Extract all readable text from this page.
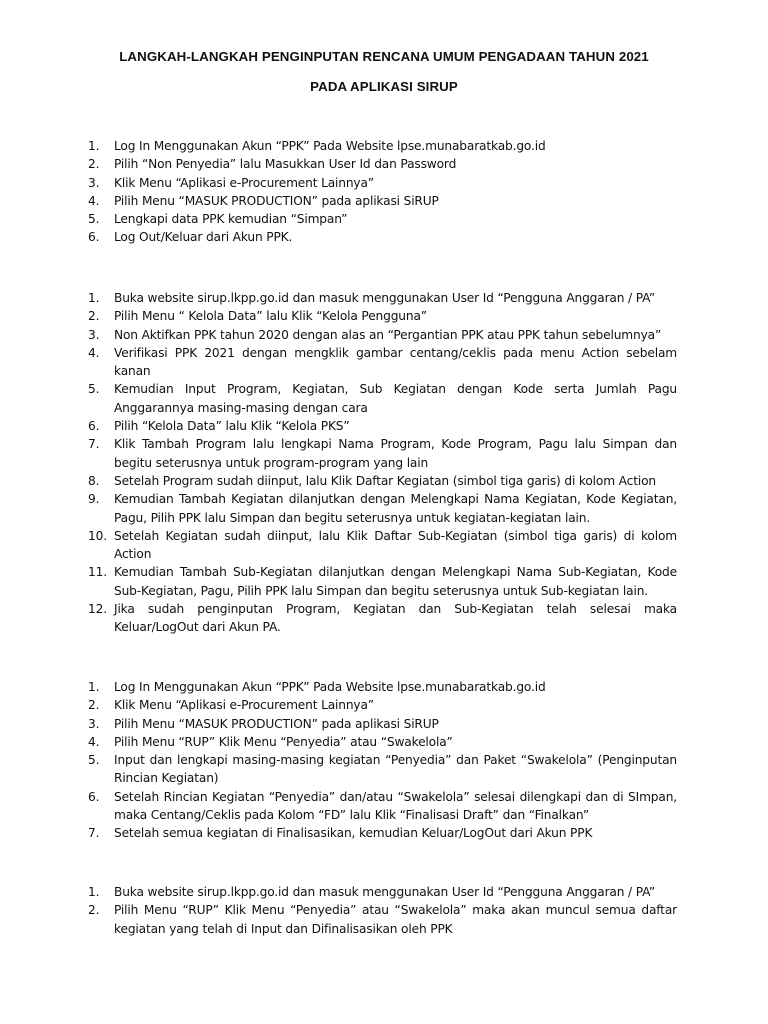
LANGKAH-LANGKAH PENGINPUTAN RENCANA UMUM PENGADAAN TAHUN 2021
PADA APLIKASI SIRUP
1.	Log In Menggunakan Akun “PPK” Pada Website lpse.munabaratkab.go.id
2.	Pilih “Non Penyedia” lalu Masukkan User Id dan Password
3.	Klik Menu “Aplikasi e-Procurement Lainnya”
4.	Pilih Menu “MASUK PRODUCTION” pada aplikasi SiRUP
5.	Lengkapi data PPK kemudian “Simpan”
6.	Log Out/Keluar dari Akun PPK.
1.	Buka website sirup.lkpp.go.id dan masuk menggunakan User Id “Pengguna Anggaran / PA”
2.	Pilih Menu “ Kelola Data” lalu Klik “Kelola Pengguna”
3.	Non Aktifkan PPK tahun 2020 dengan alas an “Pergantian PPK atau PPK tahun sebelumnya”
4.	Verifikasi PPK 2021 dengan mengklik gambar centang/ceklis pada menu Action sebelam kanan
5.	Kemudian Input Program, Kegiatan, Sub Kegiatan dengan Kode serta Jumlah Pagu Anggarannya masing-masing dengan cara
6.	Pilih “Kelola Data” lalu Klik “Kelola PKS”
7.	Klik Tambah Program lalu lengkapi Nama Program, Kode Program, Pagu lalu Simpan dan begitu seterusnya untuk program-program yang lain
8.	Setelah Program sudah diinput, lalu Klik Daftar Kegiatan (simbol tiga garis) di kolom Action
9.	Kemudian Tambah Kegiatan dilanjutkan dengan Melengkapi Nama Kegiatan, Kode Kegiatan, Pagu, Pilih PPK lalu Simpan dan begitu seterusnya untuk kegiatan-kegiatan lain.
10. Setelah Kegiatan sudah diinput, lalu Klik Daftar Sub-Kegiatan (simbol tiga garis) di kolom Action
11. Kemudian Tambah Sub-Kegiatan dilanjutkan dengan Melengkapi Nama Sub-Kegiatan, Kode Sub-Kegiatan, Pagu, Pilih PPK lalu Simpan dan begitu seterusnya untuk Sub-kegiatan lain.
12. Jika sudah penginputan Program, Kegiatan dan Sub-Kegiatan telah selesai maka Keluar/LogOut dari Akun PA.
1.	Log In Menggunakan Akun “PPK” Pada Website lpse.munabaratkab.go.id
2.	Klik Menu “Aplikasi e-Procurement Lainnya”
3.	Pilih Menu “MASUK PRODUCTION” pada aplikasi SiRUP
4.	Pilih Menu “RUP” Klik Menu “Penyedia” atau “Swakelola”
5.	Input dan lengkapi masing-masing kegiatan “Penyedia” dan Paket “Swakelola” (Penginputan Rincian Kegiatan)
6.	Setelah Rincian Kegiatan “Penyedia” dan/atau “Swakelola” selesai dilengkapi dan di SImpan, maka Centang/Ceklis pada Kolom “FD” lalu Klik “Finalisasi Draft” dan “Finalkan”
7.	Setelah semua kegiatan di Finalisasikan, kemudian Keluar/LogOut dari Akun PPK
1.	Buka website sirup.lkpp.go.id dan masuk menggunakan User Id “Pengguna Anggaran / PA”
2.	Pilih Menu “RUP” Klik Menu “Penyedia” atau “Swakelola” maka akan muncul semua daftar kegiatan yang telah di Input dan Difinalisasikan oleh PPK
